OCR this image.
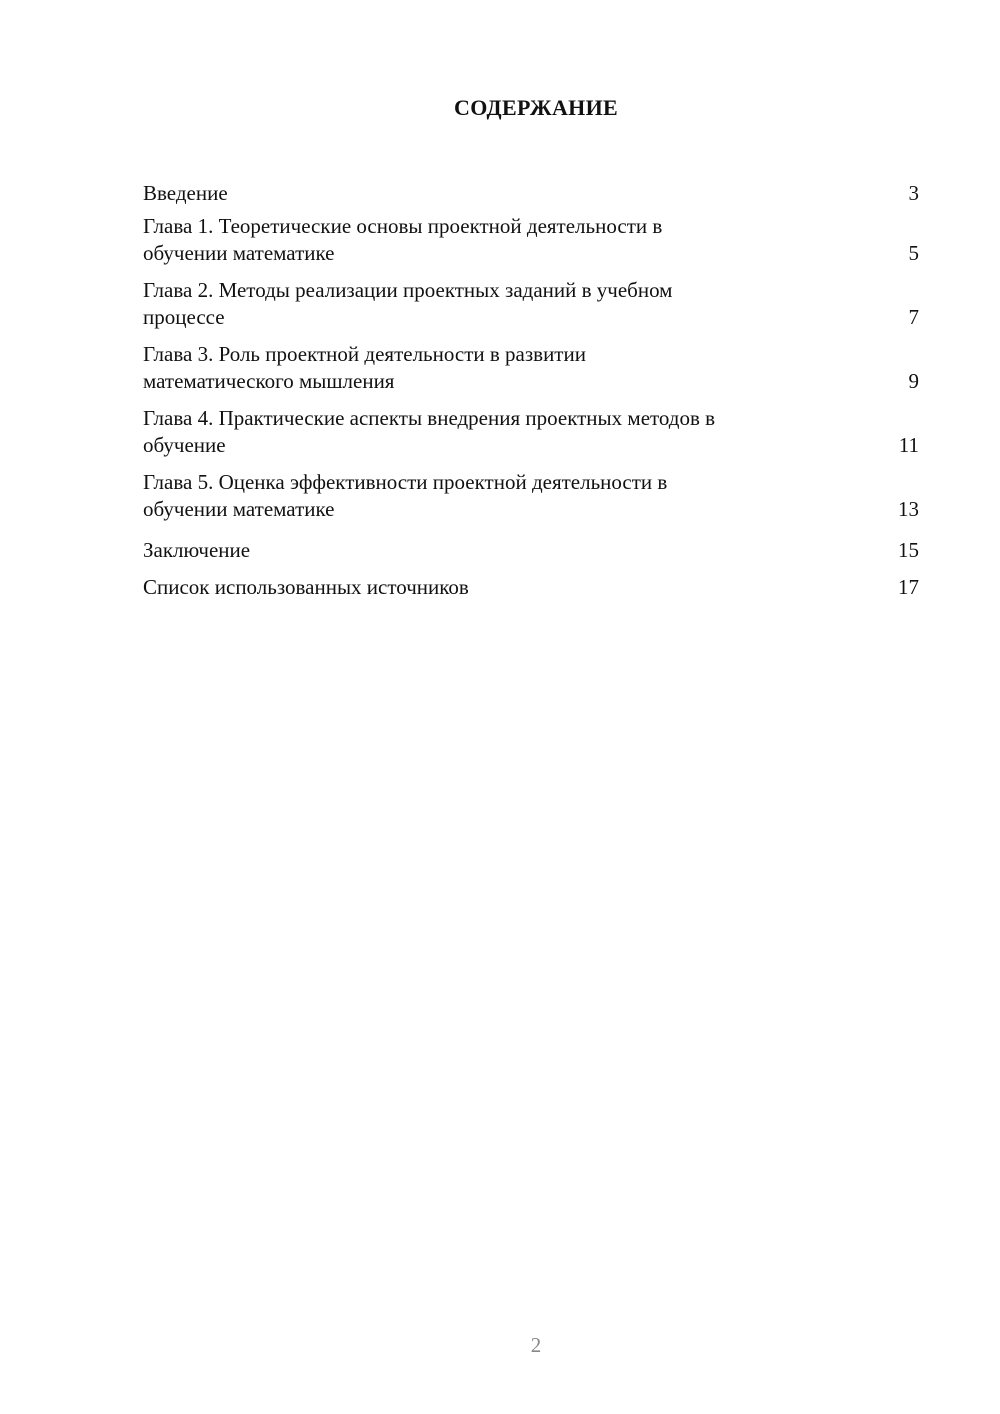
СОДЕРЖАНИЕ
Введение	3
Глава 1. Теоретические основы проектной деятельности в
обучении математике	5
Глава 2. Методы реализации проектных заданий в учебном
процессе	7
Глава 3. Роль проектной деятельности в развитии
математического мышления	9
Глава 4. Практические аспекты внедрения проектных методов в
обучение	11
Глава 5. Оценка эффективности проектной деятельности в
обучении математике	13
Заключение	15
Список использованных источников	17
2
